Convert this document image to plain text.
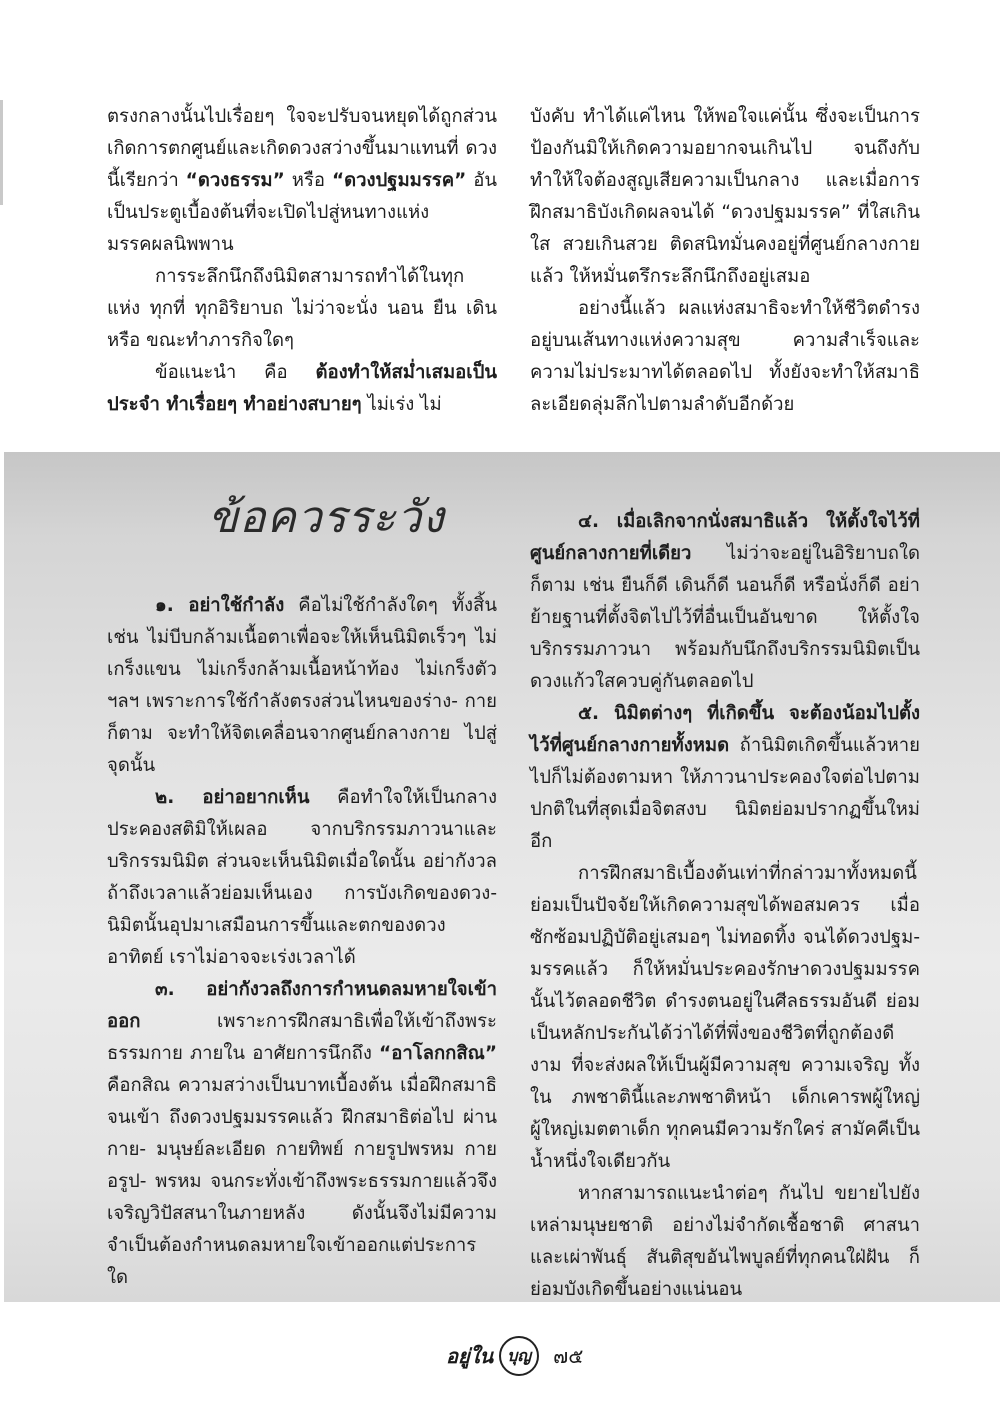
ตรงกลางนั้นไปเรื่อยๆ ใจจะปรับจนหยุดได้ถูกส่วน เกิดการตกศูนย์และเกิดดวงสว่างขึ้นมาแทนที่ ดวงนี้เรียกว่า “ดวงธรรม” หรือ “ดวงปฐมมรรค” อันเป็นประตูเบื้องต้นที่จะเปิดไปสู่หนทางแห่ง มรรคผลนิพพาน

การระลึกนึกถึงนิมิตสามารถทำได้ในทุกแห่ง ทุกที่ ทุกอิริยาบถ ไม่ว่าจะนั่ง นอน ยืน เดิน หรือ ขณะทำภารกิจใดๆ

ข้อแนะนำ คือ ต้องทำให้สม่ำเสมอเป็น ประจำ ทำเรื่อยๆ ทำอย่างสบายๆ ไม่เร่ง ไม่

บังคับ ทำได้แค่ไหน ให้พอใจแค่นั้น ซึ่งจะเป็นการ ป้องกันมิให้เกิดความอยากจนเกินไป จนถึงกับ ทำให้ใจต้องสูญเสียความเป็นกลาง และเมื่อการ ฝึกสมาธิบังเกิดผลจนได้ “ดวงปฐมมรรค” ที่ใสเกินใส สวยเกินสวย ติดสนิทมั่นคงอยู่ที่ศูนย์กลางกายแล้ว ให้หมั่นตรึกระลึกนึกถึงอยู่เสมอ

อย่างนี้แล้ว ผลแห่งสมาธิจะทำให้ชีวิตดำรง อยู่บนเส้นทางแห่งความสุข ความสำเร็จและ ความไม่ประมาทได้ตลอดไป ทั้งยังจะทำให้สมาธิ ละเอียดลุ่มลึกไปตามลำดับอีกด้วย

ข้อควรระวัง

๑. อย่าใช้กำลัง คือไม่ใช้กำลังใดๆ ทั้งสิ้น เช่น ไม่บีบกล้ามเนื้อตาเพื่อจะให้เห็นนิมิตเร็วๆ ไม่เกร็งแขน ไม่เกร็งกล้ามเนื้อหน้าท้อง ไม่เกร็งตัว ฯลฯ เพราะการใช้กำลังตรงส่วนไหนของร่าง- กายก็ตาม จะทำให้จิตเคลื่อนจากศูนย์กลางกาย ไปสู่จุดนั้น

๒. อย่าอยากเห็น คือทำใจให้เป็นกลาง ประคองสติมิให้เผลอ จากบริกรรมภาวนาและ บริกรรมนิมิต ส่วนจะเห็นนิมิตเมื่อใดนั้น อย่ากังวล ถ้าถึงเวลาแล้วย่อมเห็นเอง การบังเกิดของดวง- นิมิตนั้นอุปมาเสมือนการขึ้นและตกของดวงอาทิตย์ เราไม่อาจจะเร่งเวลาได้

๓. อย่ากังวลถึงการกำหนดลมหายใจเข้า ออก เพราะการฝึกสมาธิเพื่อให้เข้าถึงพระธรรมกาย ภายใน อาศัยการนึกถึง “อาโลกกสิณ” คือกสิณ ความสว่างเป็นบาทเบื้องต้น เมื่อฝึกสมาธิจนเข้า ถึงดวงปฐมมรรคแล้ว ฝึกสมาธิต่อไป ผ่านกาย- มนุษย์ละเอียด กายทิพย์ กายรูปพรหม กายอรูป- พรหม จนกระทั่งเข้าถึงพระธรรมกายแล้วจึง เจริญวิปัสสนาในภายหลัง ดังนั้นจึงไม่มีความ จำเป็นต้องกำหนดลมหายใจเข้าออกแต่ประการใด

๔. เมื่อเลิกจากนั่งสมาธิแล้ว ให้ตั้งใจไว้ที่ ศูนย์กลางกายที่เดียว ไม่ว่าจะอยู่ในอิริยาบถใด ก็ตาม เช่น ยืนก็ดี เดินก็ดี นอนก็ดี หรือนั่งก็ดี อย่าย้ายฐานที่ตั้งจิตไปไว้ที่อื่นเป็นอันขาด ให้ตั้งใจ บริกรรมภาวนา พร้อมกับนึกถึงบริกรรมนิมิตเป็น ดวงแก้วใสควบคู่กันตลอดไป

๕. นิมิตต่างๆ ที่เกิดขึ้น จะต้องน้อมไปตั้ง ไว้ที่ศูนย์กลางกายทั้งหมด ถ้านิมิตเกิดขึ้นแล้วหาย ไปก็ไม่ต้องตามหา ให้ภาวนาประคองใจต่อไปตาม ปกติในที่สุดเมื่อจิตสงบ นิมิตย่อมปรากฏขึ้นใหม่อีก

การฝึกสมาธิเบื้องต้นเท่าที่กล่าวมาทั้งหมดนี้ ย่อมเป็นปัจจัยให้เกิดความสุขได้พอสมควร เมื่อ ซักซ้อมปฏิบัติอยู่เสมอๆ ไม่ทอดทิ้ง จนได้ดวงปฐม- มรรคแล้ว ก็ให้หมั่นประคองรักษาดวงปฐมมรรค นั้นไว้ตลอดชีวิต ดำรงตนอยู่ในศีลธรรมอันดี ย่อม เป็นหลักประกันได้ว่าได้ที่พึ่งของชีวิตที่ถูกต้องดีงาม ที่จะส่งผลให้เป็นผู้มีความสุข ความเจริญ ทั้งใน ภพชาตินี้และภพชาติหน้า เด็กเคารพผู้ใหญ่ ผู้ใหญ่เมตตาเด็ก ทุกคนมีความรักใคร่ สามัคคีเป็น น้ำหนึ่งใจเดียวกัน

หากสามารถแนะนำต่อๆ กันไป ขยายไปยัง เหล่ามนุษยชาติ อย่างไม่จำกัดเชื้อชาติ ศาสนา และเผ่าพันธุ์ สันติสุขอันไพบูลย์ที่ทุกคนใฝ่ฝัน ก็ย่อมบังเกิดขึ้นอย่างแน่นอน

อยู่ใน บุญ	๗๕
